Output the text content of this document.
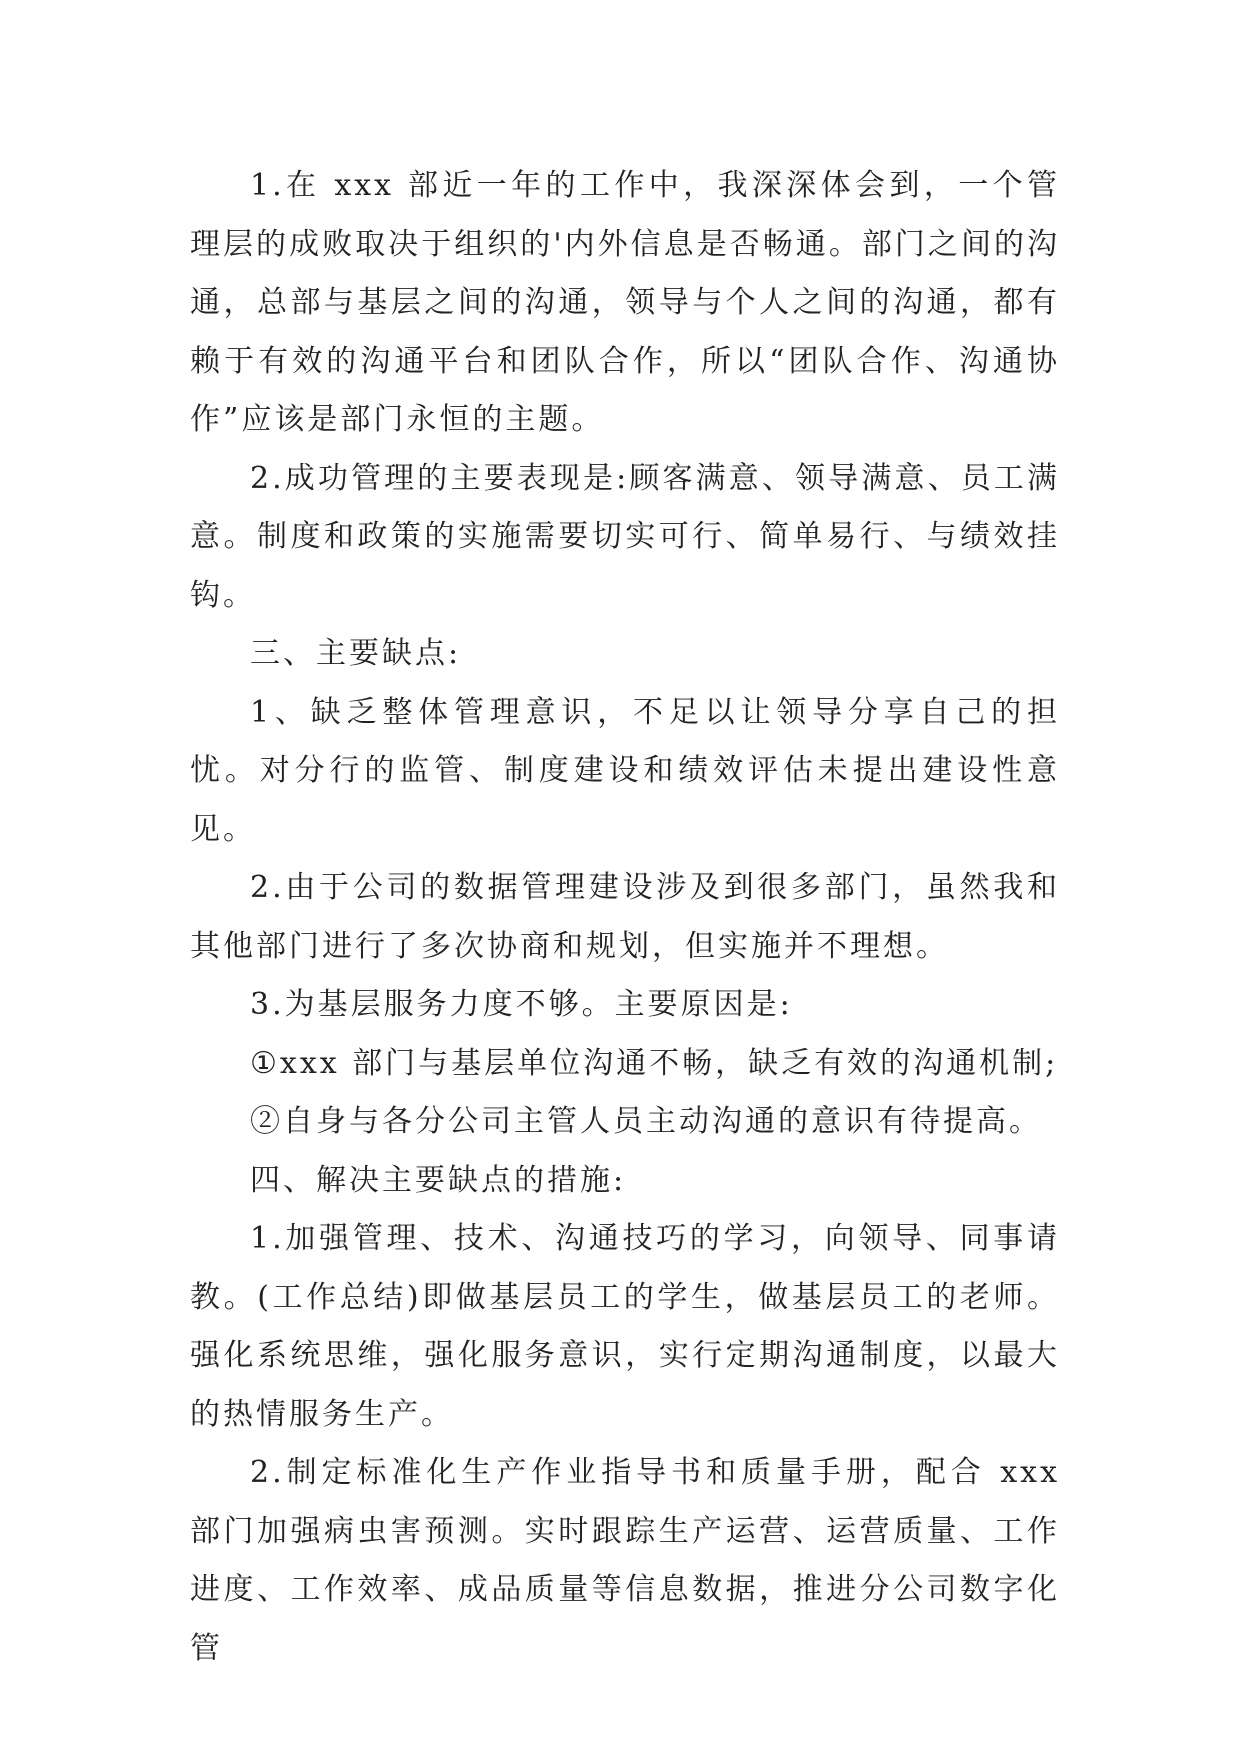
1.在 xxx 部近一年的工作中，我深深体会到，一个管理层的成败取决于组织的'内外信息是否畅通。部门之间的沟通，总部与基层之间的沟通，领导与个人之间的沟通，都有赖于有效的沟通平台和团队合作，所以“团队合作、沟通协作”应该是部门永恒的主题。

2.成功管理的主要表现是:顾客满意、领导满意、员工满意。制度和政策的实施需要切实可行、简单易行、与绩效挂钩。

三、主要缺点:

1、缺乏整体管理意识，不足以让领导分享自己的担忧。对分行的监管、制度建设和绩效评估未提出建设性意见。

2.由于公司的数据管理建设涉及到很多部门，虽然我和其他部门进行了多次协商和规划，但实施并不理想。

3.为基层服务力度不够。主要原因是:

①xxx 部门与基层单位沟通不畅，缺乏有效的沟通机制;

②自身与各分公司主管人员主动沟通的意识有待提高。

四、解决主要缺点的措施:

1.加强管理、技术、沟通技巧的学习，向领导、同事请教。(工作总结)即做基层员工的学生，做基层员工的老师。强化系统思维，强化服务意识，实行定期沟通制度，以最大的热情服务生产。

2.制定标准化生产作业指导书和质量手册，配合 xxx 部门加强病虫害预测。实时跟踪生产运营、运营质量、工作进度、工作效率、成品质量等信息数据，推进分公司数字化管
